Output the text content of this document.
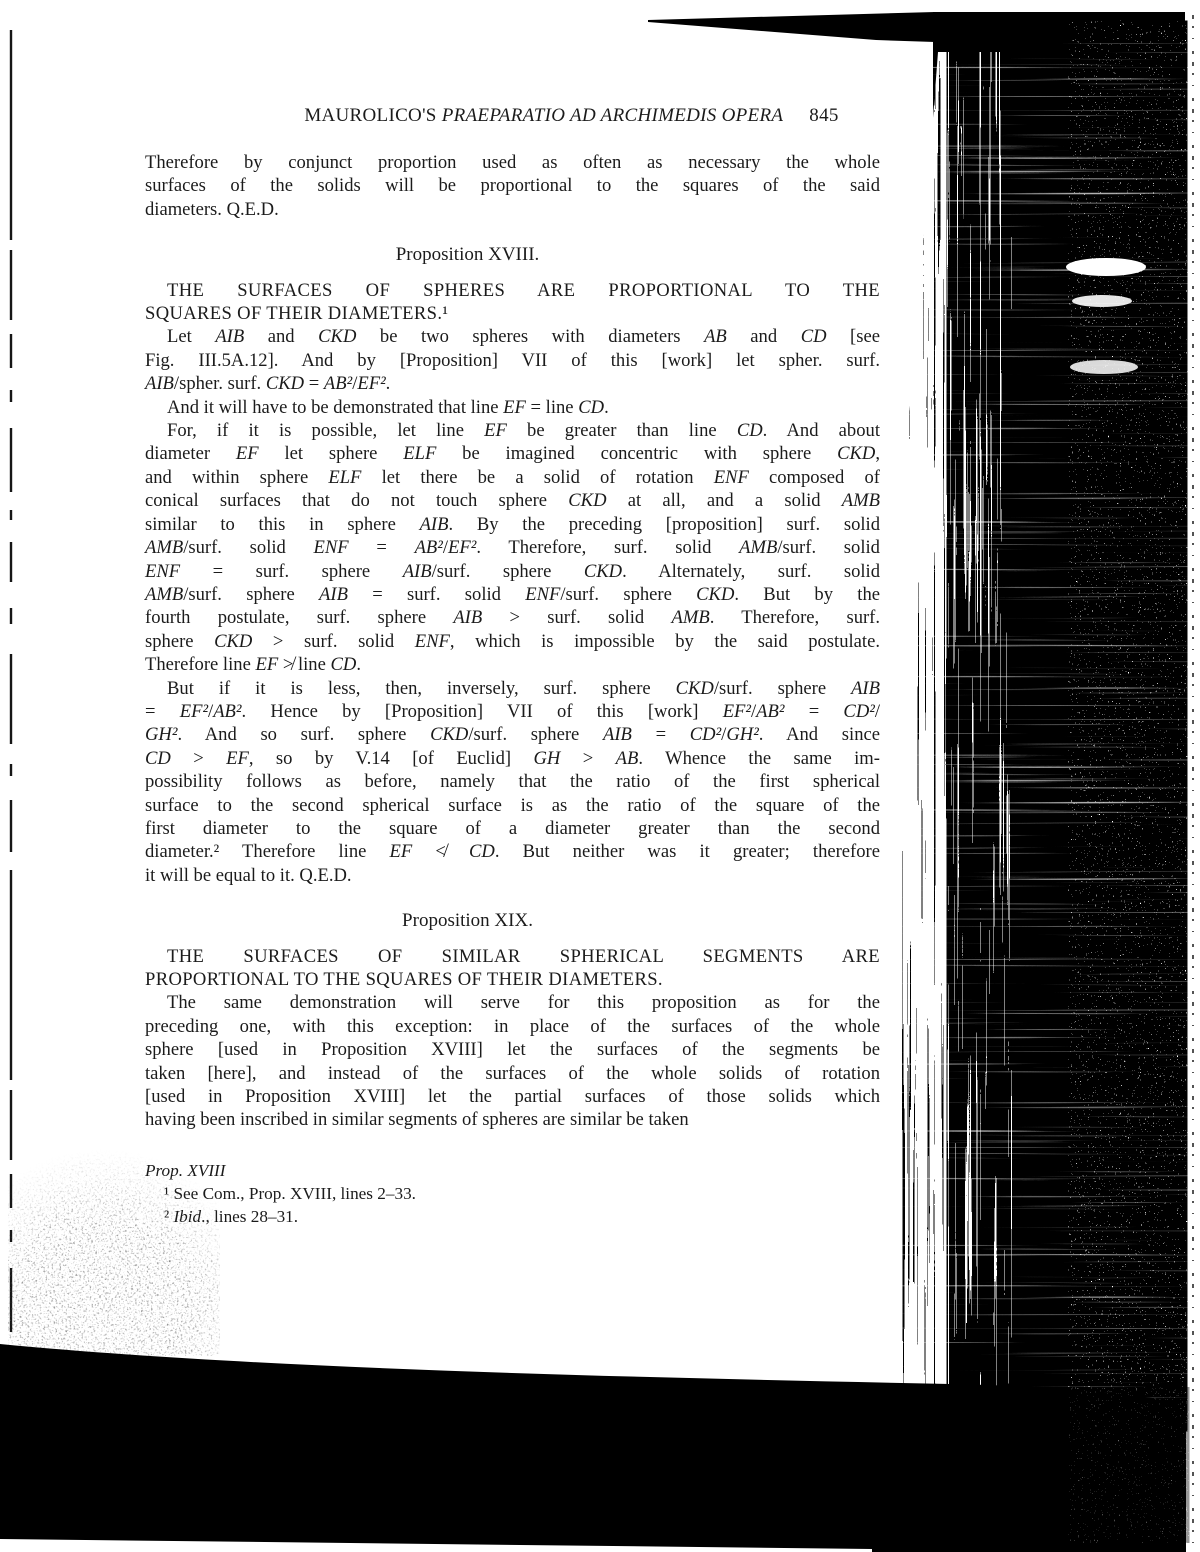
MAUROLICO'S PRAEPARATIO AD ARCHIMEDIS OPERA 845
Therefore by conjunct proportion used as often as necessary the whole
surfaces of the solids will be proportional to the squares of the said
diameters. Q.E.D.
Proposition XVIII.
THE SURFACES OF SPHERES ARE PROPORTIONAL TO THE
SQUARES OF THEIR DIAMETERS.¹
Let AIB and CKD be two spheres with diameters AB and CD [see
Fig. III.5A.12]. And by [Proposition] VII of this [work] let spher. surf.
AIB/spher. surf. CKD = AB²/EF².
And it will have to be demonstrated that line EF = line CD.
For, if it is possible, let line EF be greater than line CD. And about
diameter EF let sphere ELF be imagined concentric with sphere CKD,
and within sphere ELF let there be a solid of rotation ENF composed of
conical surfaces that do not touch sphere CKD at all, and a solid AMB
similar to this in sphere AIB. By the preceding [proposition] surf. solid
AMB/surf. solid ENF = AB²/EF². Therefore, surf. solid AMB/surf. solid
ENF = surf. sphere AIB/surf. sphere CKD. Alternately, surf. solid
AMB/surf. sphere AIB = surf. solid ENF/surf. sphere CKD. But by the
fourth postulate, surf. sphere AIB > surf. solid AMB. Therefore, surf.
sphere CKD > surf. solid ENF, which is impossible by the said postulate.
Therefore line EF ≯ line CD.
But if it is less, then, inversely, surf. sphere CKD/surf. sphere AIB
= EF²/AB². Hence by [Proposition] VII of this [work] EF²/AB² = CD²/
GH². And so surf. sphere CKD/surf. sphere AIB = CD²/GH². And since
CD > EF, so by V.14 [of Euclid] GH > AB. Whence the same im-
possibility follows as before, namely that the ratio of the first spherical
surface to the second spherical surface is as the ratio of the square of the
first diameter to the square of a diameter greater than the second
diameter.² Therefore line EF ≮ CD. But neither was it greater; therefore
it will be equal to it. Q.E.D.
Proposition XIX.
THE SURFACES OF SIMILAR SPHERICAL SEGMENTS ARE
PROPORTIONAL TO THE SQUARES OF THEIR DIAMETERS.
The same demonstration will serve for this proposition as for the
preceding one, with this exception: in place of the surfaces of the whole
sphere [used in Proposition XVIII] let the surfaces of the segments be
taken [here], and instead of the surfaces of the whole solids of rotation
[used in Proposition XVIII] let the partial surfaces of those solids which
having been inscribed in similar segments of spheres are similar be taken
Prop. XVIII
¹ See Com., Prop. XVIII, lines 2–33.
² Ibid., lines 28–31.
